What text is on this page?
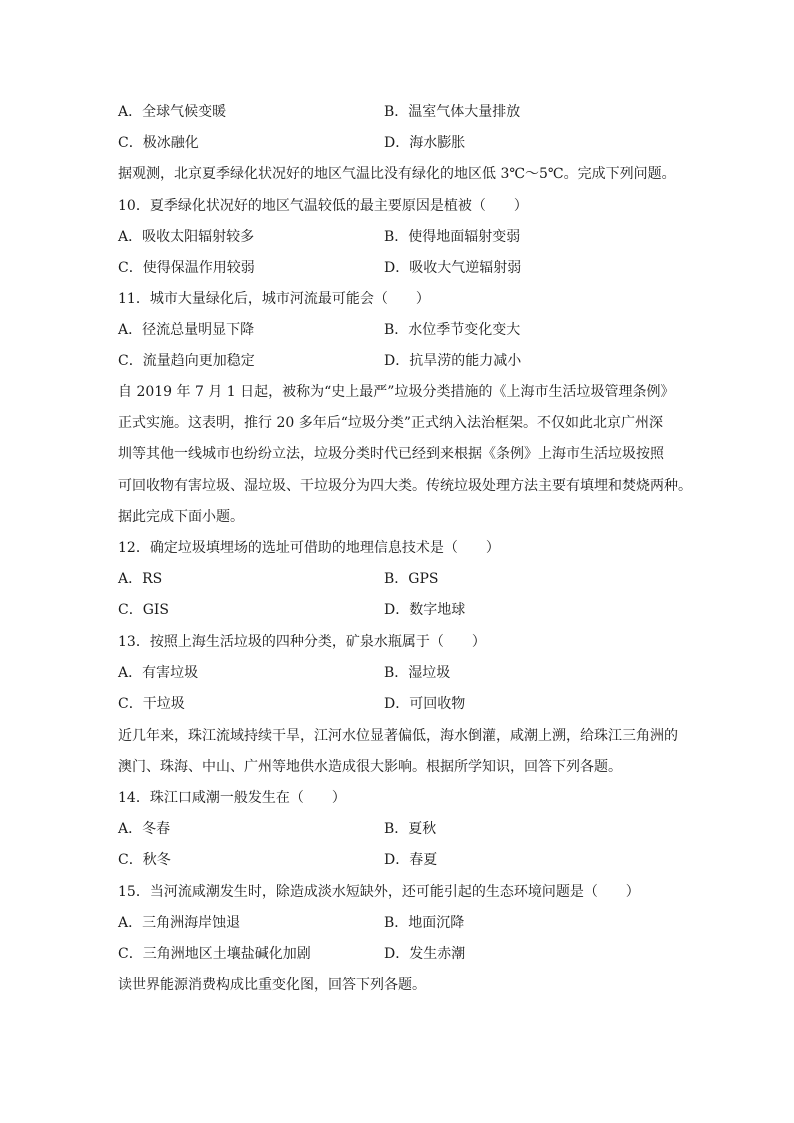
A．全球气候变暖	B．温室气体大量排放
C．极冰融化	D．海水膨胀
据观测，北京夏季绿化状况好的地区气温比没有绿化的地区低 3℃～5℃。完成下列问题。
10．夏季绿化状况好的地区气温较低的最主要原因是植被（　　）
A．吸收太阳辐射较多	B．使得地面辐射变弱
C．使得保温作用较弱	D．吸收大气逆辐射弱
11．城市大量绿化后，城市河流最可能会（　　）
A．径流总量明显下降	B．水位季节变化变大
C．流量趋向更加稳定	D．抗旱涝的能力减小
自 2019 年 7 月 1 日起，被称为“史上最严”垃圾分类措施的《上海市生活垃圾管理条例》
正式实施。这表明，推行 20 多年后“垃圾分类”正式纳入法治框架。不仅如此北京广州深
圳等其他一线城市也纷纷立法，垃圾分类时代已经到来根据《条例》上海市生活垃圾按照
可回收物有害垃圾、湿垃圾、干垃圾分为四大类。传统垃圾处理方法主要有填埋和焚烧两种。
据此完成下面小题。
12．确定垃圾填埋场的选址可借助的地理信息技术是（　　）
A．RS	B．GPS
C．GIS	D．数字地球
13．按照上海生活垃圾的四种分类，矿泉水瓶属于（　　）
A．有害垃圾	B．湿垃圾
C．干垃圾	D．可回收物
近几年来，珠江流域持续干旱，江河水位显著偏低，海水倒灌，咸潮上溯，给珠江三角洲的
澳门、珠海、中山、广州等地供水造成很大影响。根据所学知识，回答下列各题。
14．珠江口咸潮一般发生在（　　）
A．冬春	B．夏秋
C．秋冬	D．春夏
15．当河流咸潮发生时，除造成淡水短缺外，还可能引起的生态环境问题是（　　）
A．三角洲海岸蚀退	B．地面沉降
C．三角洲地区土壤盐碱化加剧	D．发生赤潮
读世界能源消费构成比重变化图，回答下列各题。
